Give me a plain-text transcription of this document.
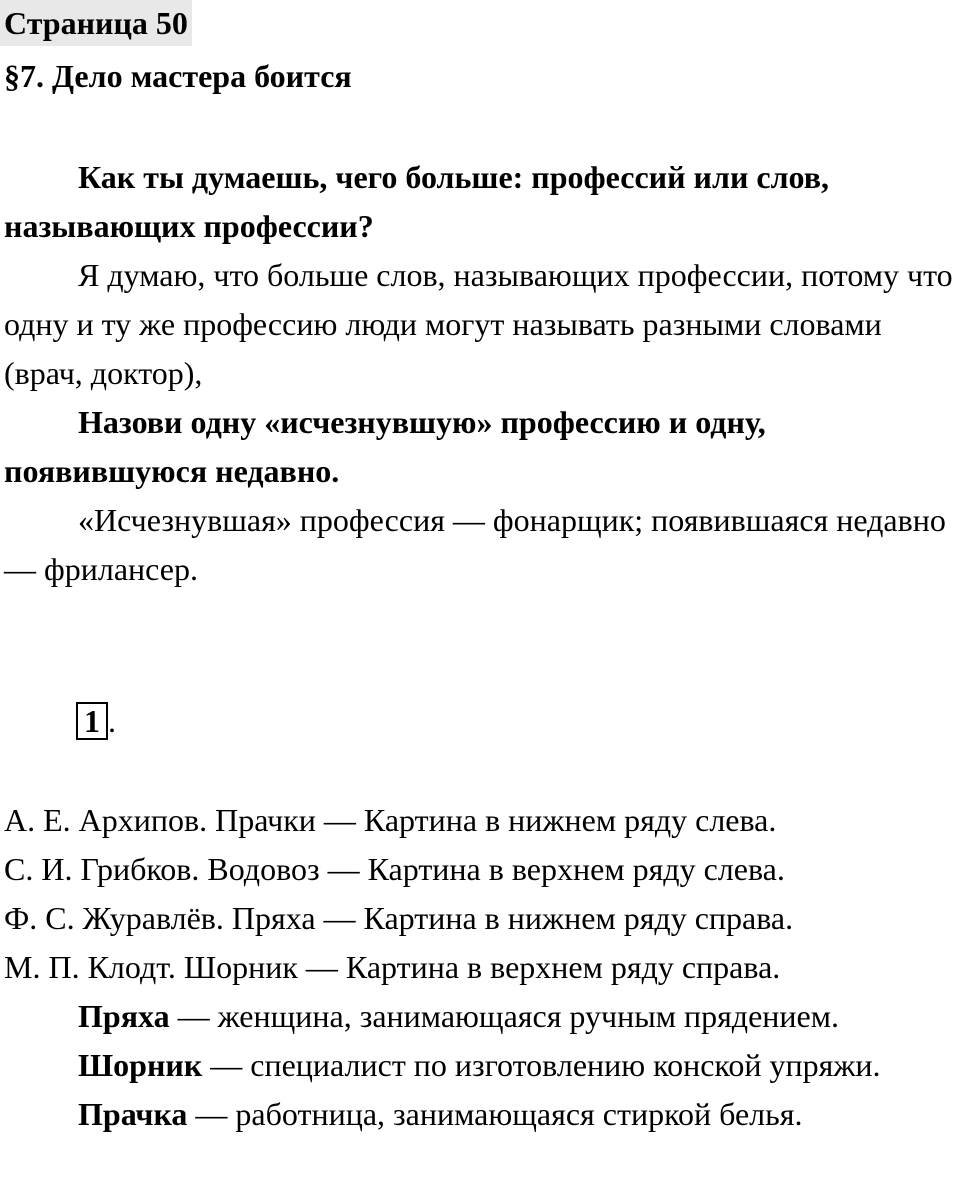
Страница 50
§7. Дело мастера боится

Как ты думаешь, чего больше: профессий или слов, называющих профессии?

Я думаю, что больше слов, называющих профессии, потому что одну и ту же профессию люди могут называть разными словами (врач, доктор),

Назови одну «исчезнувшую» профессию и одну, появившуюся недавно.

«Исчезнувшая» профессия — фонарщик; появившаяся недавно — фрилансер.

1 .
А. Е. Архипов. Прачки — Картина в нижнем ряду слева.
С. И. Грибков. Водовоз — Картина в верхнем ряду слева.
Ф. С. Журавлёв. Пряха — Картина в нижнем ряду справа.
М. П. Клодт. Шорник — Картина в верхнем ряду справа.

Пряха — женщина, занимающаяся ручным прядением.

Шорник — специалист по изготовлению конской упряжи.

Прачка — работница, занимающаяся стиркой белья.
